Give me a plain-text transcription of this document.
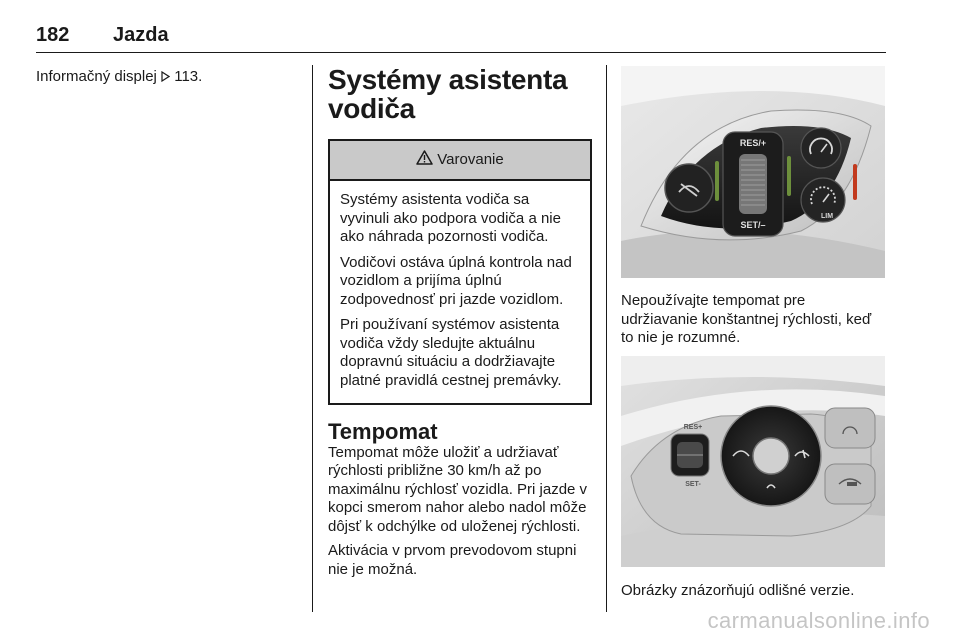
182 Jazda
Informačný displej  113.	Systémy asistenta vodiča
Varovanie

Systémy asistenta vodiča sa vyvinuli ako podpora vodiča a nie ako náhrada pozornosti vodiča.

Vodičovi ostáva úplná kontrola nad vozidlom a prijíma úplnú zodpovednosť pri jazde vozidlom.

Pri používaní systémov asistenta vodiča vždy sledujte aktuálnu dopravnú situáciu a dodržiavajte platné pravidlá cestnej premávky.

Tempomat

Tempomat môže uložiť a udržiavať rýchlosti približne 30 km/h až po maximálnu rýchlosť vozidla. Pri jazde v kopci smerom nahor alebo nadol môže dôjsť k odchýlke od uloženej rýchlosti.

Aktivácia v prvom prevodovom stupni nie je možná.

RES/+
SET/–
LIM

Nepoužívajte tempomat pre udržiavanie konštantnej rýchlosti, keď to nie je rozumné.

RES+
SET-

Obrázky znázorňujú odlišné verzie.

carmanualsonline.info
